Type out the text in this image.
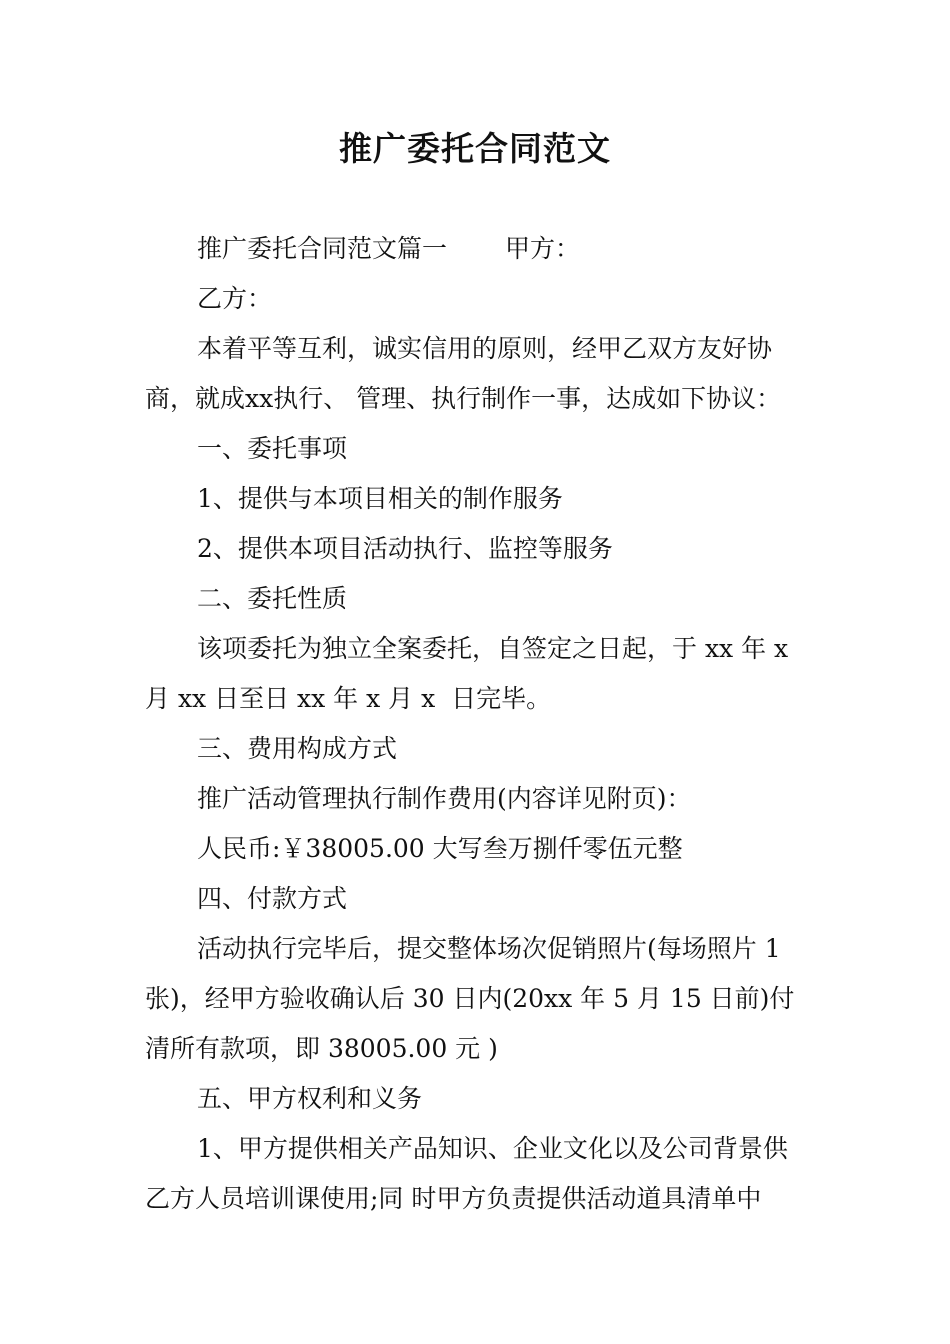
推广委托合同范文

推广委托合同范文篇一 甲方：

乙方：

本着平等互利，诚实信用的原则，经甲乙双方友好协商，就成xx执行、 管理、执行制作一事，达成如下协议：

一、委托事项

1、提供与本项目相关的制作服务

2、提供本项目活动执行、监控等服务

二、委托性质

该项委托为独立全案委托，自签定之日起，于 xx 年 x 月 xx 日至日 xx 年 x 月 x  日完毕。

三、费用构成方式

推广活动管理执行制作费用(内容详见附页)：

人民币:￥38005.00 大写叁万捌仟零伍元整

四、付款方式

活动执行完毕后，提交整体场次促销照片(每场照片 1 张)，经甲方验收确认后 30 日内(20xx 年 5 月 15 日前)付清所有款项，即 38005.00 元 )

五、甲方权利和义务

1、甲方提供相关产品知识、企业文化以及公司背景供乙方人员培训课使用;同 时甲方负责提供活动道具清单中
